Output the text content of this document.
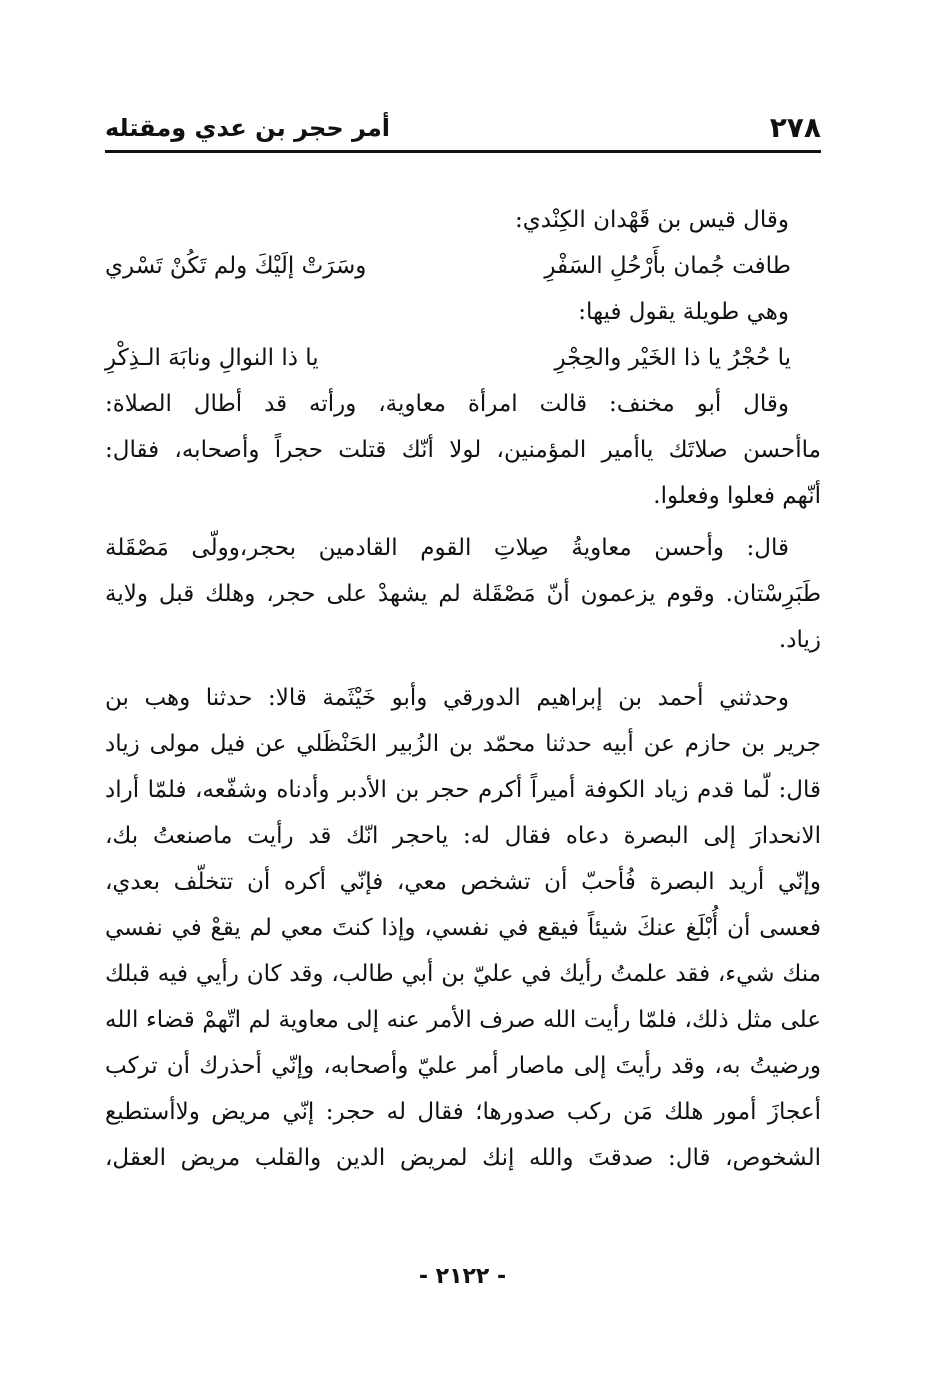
٢٧٨
أمر حجر بن عدي ومقتله
وقال قيس بن قَهْدان الكِنْدي:
طافت جُمان بأَرْحُلِ السَفْرِ
وسَرَتْ إلَيْكَ ولم تَكُنْ تَسْري
وهي طويلة يقول فيها:
يا حُجْرُ يا ذا الخَيْر والحِجْرِ
يا ذا النوالِ ونابَهَ الـذِكْرِ
وقال أبو مخنف: قالت امرأة معاوية، ورأته قد أطال الصلاة:
ماأحسن صلاتَك ياأمير المؤمنين، لولا أنّك قتلت حجراً وأصحابه، فقال:
أنّهم فعلوا وفعلوا.
قال: وأحسن معاويةُ صِلاتِ القوم القادمين بحجر،وولّى مَصْقَلة
طَبَرِسْتان. وقوم يزعمون أنّ مَصْقَلة لم يشهدْ على حجر، وهلك قبل ولاية
زياد.
وحدثني أحمد بن إبراهيم الدورقي وأبو خَيْثَمة قالا: حدثنا وهب بن
جرير بن حازم عن أبيه حدثنا محمّد بن الزُبير الحَنْظَلي عن فيل مولى زياد
قال: لّما قدم زياد الكوفة أميراً أكرم حجر بن الأدبر وأدناه وشفّعه، فلمّا أراد
الانحدارَ إلى البصرة دعاه فقال له: ياحجر انّك قد رأيت ماصنعتُ بك،
وإنّي أريد البصرة فُأحبّ أن تشخص معي، فإنّي أكره أن تتخلّف بعدي،
فعسى أن أُبْلَغ عنكَ شيئاً فيقع في نفسي، وإذا كنتَ معي لم يقعْ في نفسي
منك شيء، فقد علمتُ رأيك في عليّ بن أبي طالب، وقد كان رأيي فيه قبلك
على مثل ذلك، فلمّا رأيت الله صرف الأمر عنه إلى معاوية لم اتّهمْ قضاء الله
ورضيتُ به، وقد رأيتَ إلى ماصار أمر عليّ وأصحابه، وإنّي أحذرك أن تركب
أعجازَ أمور هلك مَن ركب صدورها؛ فقال له حجر: إنّي مريض ولاأستطيع
الشخوص، قال: صدقتَ والله إنك لمريض الدين والقلب مريض العقل،
- ٢١٢٢ -
